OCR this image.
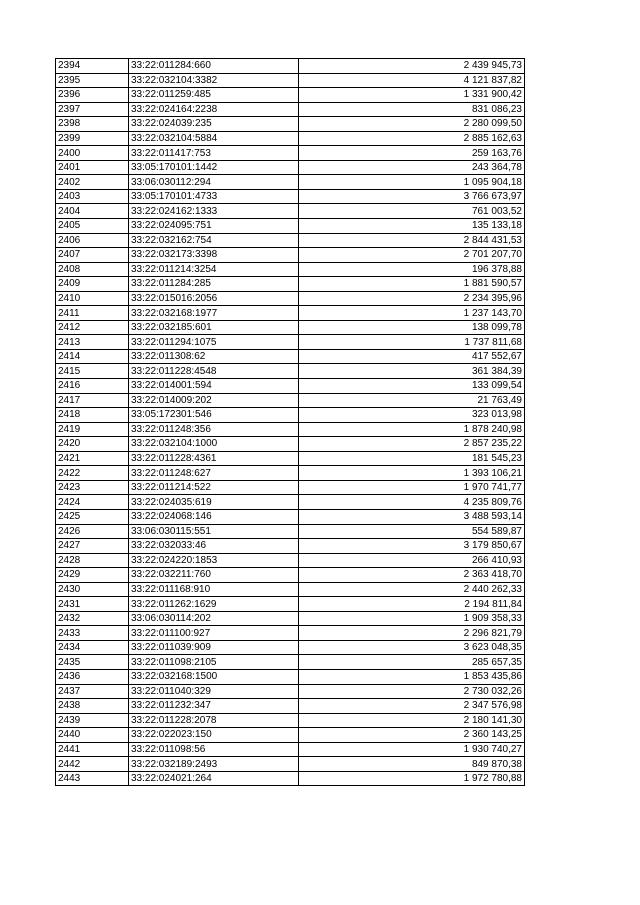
2394	33:22:011284:660	2 439 945,73
2395	33:22:032104:3382	4 121 837,82
2396	33:22:011259:485	1 331 900,42
2397	33:22:024164:2238	831 086,23
2398	33:22:024039:235	2 280 099,50
2399	33:22:032104:5884	2 885 162,63
2400	33:22:011417:753	259 163,76
2401	33:05:170101:1442	243 364,78
2402	33:06:030112:294	1 095 904,18
2403	33:05:170101:4733	3 766 673,97
2404	33:22:024162:1333	761 003,52
2405	33:22:024095:751	135 133,18
2406	33:22:032162:754	2 844 431,53
2407	33:22:032173:3398	2 701 207,70
2408	33:22:011214:3254	196 378,88
2409	33:22:011284:285	1 881 590,57
2410	33:22:015016:2056	2 234 395,96
2411	33:22:032168:1977	1 237 143,70
2412	33:22:032185:601	138 099,78
2413	33:22:011294:1075	1 737 811,68
2414	33:22:011308:62	417 552,67
2415	33:22:011228:4548	361 384,39
2416	33:22:014001:594	133 099,54
2417	33:22:014009:202	21 763,49
2418	33:05:172301:546	323 013,98
2419	33:22:011248:356	1 878 240,98
2420	33:22:032104:1000	2 857 235,22
2421	33:22:011228:4361	181 545,23
2422	33:22:011248:627	1 393 106,21
2423	33:22:011214:522	1 970 741,77
2424	33:22:024035:619	4 235 809,76
2425	33:22:024068:146	3 488 593,14
2426	33:06:030115:551	554 589,87
2427	33:22:032033:46	3 179 850,67
2428	33:22:024220:1853	266 410,93
2429	33:22:032211:760	2 363 418,70
2430	33:22:011168:910	2 440 262,33
2431	33:22:011262:1629	2 194 811,84
2432	33:06:030114:202	1 909 358,33
2433	33:22:011100:927	2 296 821,79
2434	33:22:011039:909	3 623 048,35
2435	33:22:011098:2105	285 657,35
2436	33:22:032168:1500	1 853 435,86
2437	33:22:011040:329	2 730 032,26
2438	33:22:011232:347	2 347 576,98
2439	33:22:011228:2078	2 180 141,30
2440	33:22:022023:150	2 360 143,25
2441	33:22:011098:56	1 930 740,27
2442	33:22:032189:2493	849 870,38
2443	33:22:024021:264	1 972 780,88
